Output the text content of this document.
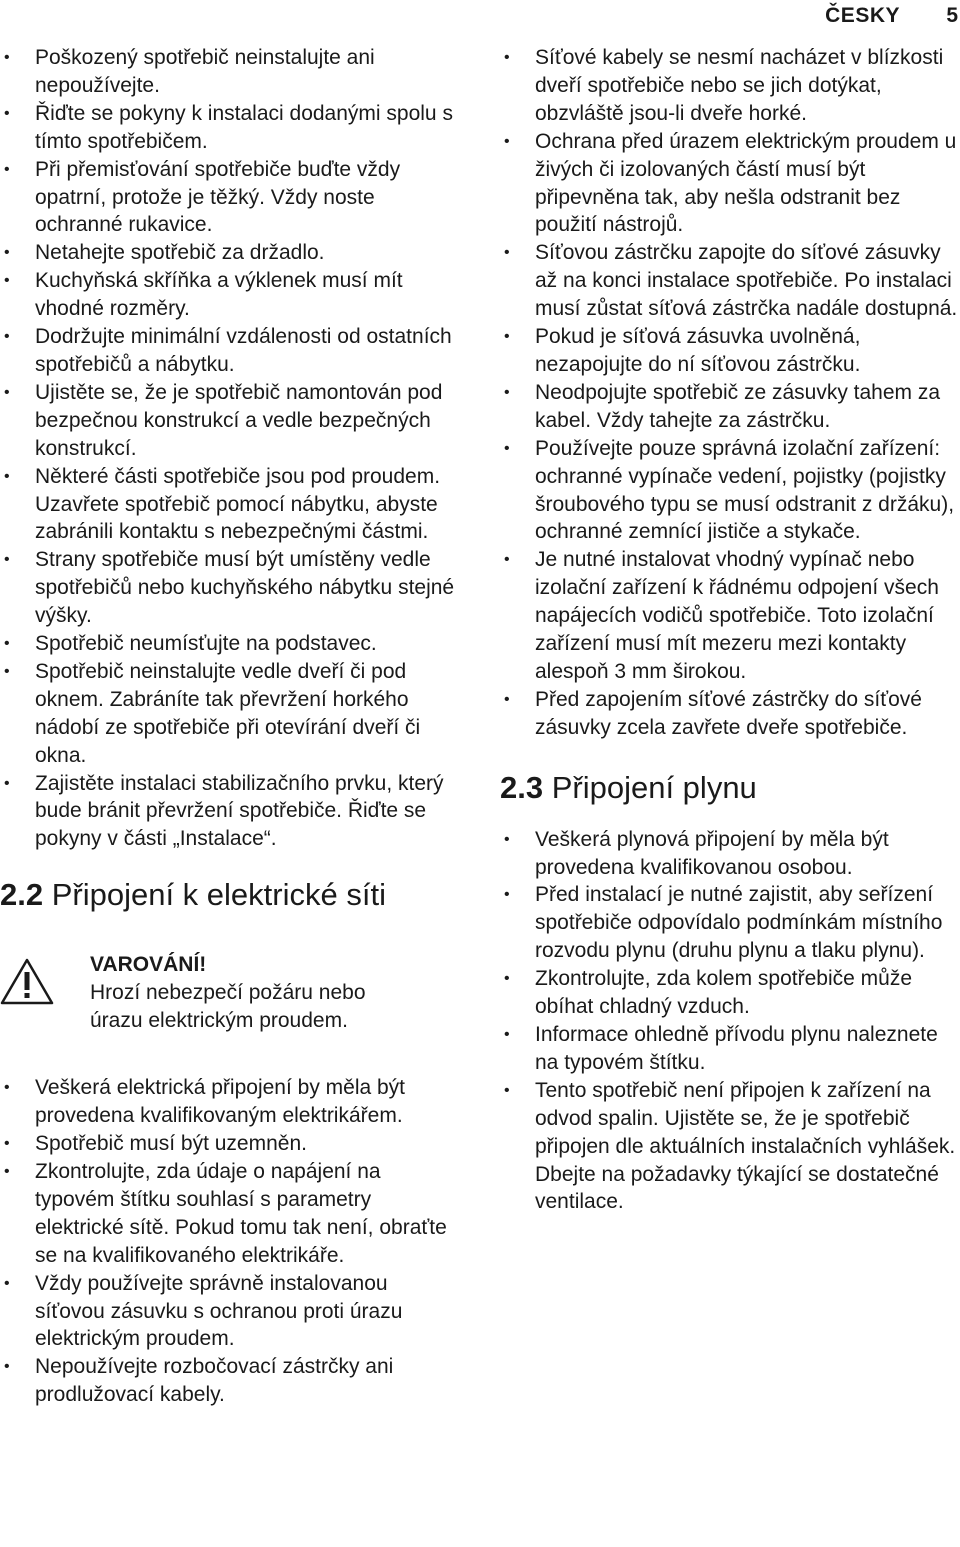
ČESKY 5
• Poškozený spotřebič neinstalujte ani nepoužívejte.
• Řiďte se pokyny k instalaci dodanými spolu s tímto spotřebičem.
• Při přemisťování spotřebiče buďte vždy opatrní, protože je těžký. Vždy noste ochranné rukavice.
• Netahejte spotřebič za držadlo.
• Kuchyňská skříňka a výklenek musí mít vhodné rozměry.
• Dodržujte minimální vzdálenosti od ostatních spotřebičů a nábytku.
• Ujistěte se, že je spotřebič namontován pod bezpečnou konstrukcí a vedle bezpečných konstrukcí.
• Některé části spotřebiče jsou pod proudem. Uzavřete spotřebič pomocí nábytku, abyste zabránili kontaktu s nebezpečnými částmi.
• Strany spotřebiče musí být umístěny vedle spotřebičů nebo kuchyňského nábytku stejné výšky.
• Spotřebič neumísťujte na podstavec.
• Spotřebič neinstalujte vedle dveří či pod oknem. Zabráníte tak převržení horkého nádobí ze spotřebiče při otevírání dveří či okna.
• Zajistěte instalaci stabilizačního prvku, který bude bránit převržení spotřebiče. Řiďte se pokyny v části „Instalace“.
2.2 Připojení k elektrické síti

VAROVÁNÍ!

Hrozí nebezpečí požáru nebo úrazu elektrickým proudem.

• Veškerá elektrická připojení by měla být provedena kvalifikovaným elektrikářem.
• Spotřebič musí být uzemněn.
• Zkontrolujte, zda údaje o napájení na typovém štítku souhlasí s parametry elektrické sítě. Pokud tomu tak není, obraťte se na kvalifikovaného elektrikáře.
• Vždy používejte správně instalovanou síťovou zásuvku s ochranou proti úrazu elektrickým proudem.
• Nepoužívejte rozbočovací zástrčky ani prodlužovací kabely.
• Síťové kabely se nesmí nacházet v blízkosti dveří spotřebiče nebo se jich dotýkat, obzvláště jsou-li dveře horké.
• Ochrana před úrazem elektrickým proudem u živých či izolovaných částí musí být připevněna tak, aby nešla odstranit bez použití nástrojů.
• Síťovou zástrčku zapojte do síťové zásuvky až na konci instalace spotřebiče. Po instalaci musí zůstat síťová zástrčka nadále dostupná.
• Pokud je síťová zásuvka uvolněná, nezapojujte do ní síťovou zástrčku.
• Neodpojujte spotřebič ze zásuvky tahem za kabel. Vždy tahejte za zástrčku.
• Používejte pouze správná izolační zařízení: ochranné vypínače vedení, pojistky (pojistky šroubového typu se musí odstranit z držáku), ochranné zemnící jističe a stykače.
• Je nutné instalovat vhodný vypínač nebo izolační zařízení k řádnému odpojení všech napájecích vodičů spotřebiče. Toto izolační zařízení musí mít mezeru mezi kontakty alespoň 3 mm širokou.
• Před zapojením síťové zástrčky do síťové zásuvky zcela zavřete dveře spotřebiče.
2.3 Připojení plynu
• Veškerá plynová připojení by měla být provedena kvalifikovanou osobou.
• Před instalací je nutné zajistit, aby seřízení spotřebiče odpovídalo podmínkám místního rozvodu plynu (druhu plynu a tlaku plynu).
• Zkontrolujte, zda kolem spotřebiče může obíhat chladný vzduch.
• Informace ohledně přívodu plynu naleznete na typovém štítku.
• Tento spotřebič není připojen k zařízení na odvod spalin. Ujistěte se, že je spotřebič připojen dle aktuálních instalačních vyhlášek. Dbejte na požadavky týkající se dostatečné ventilace.
